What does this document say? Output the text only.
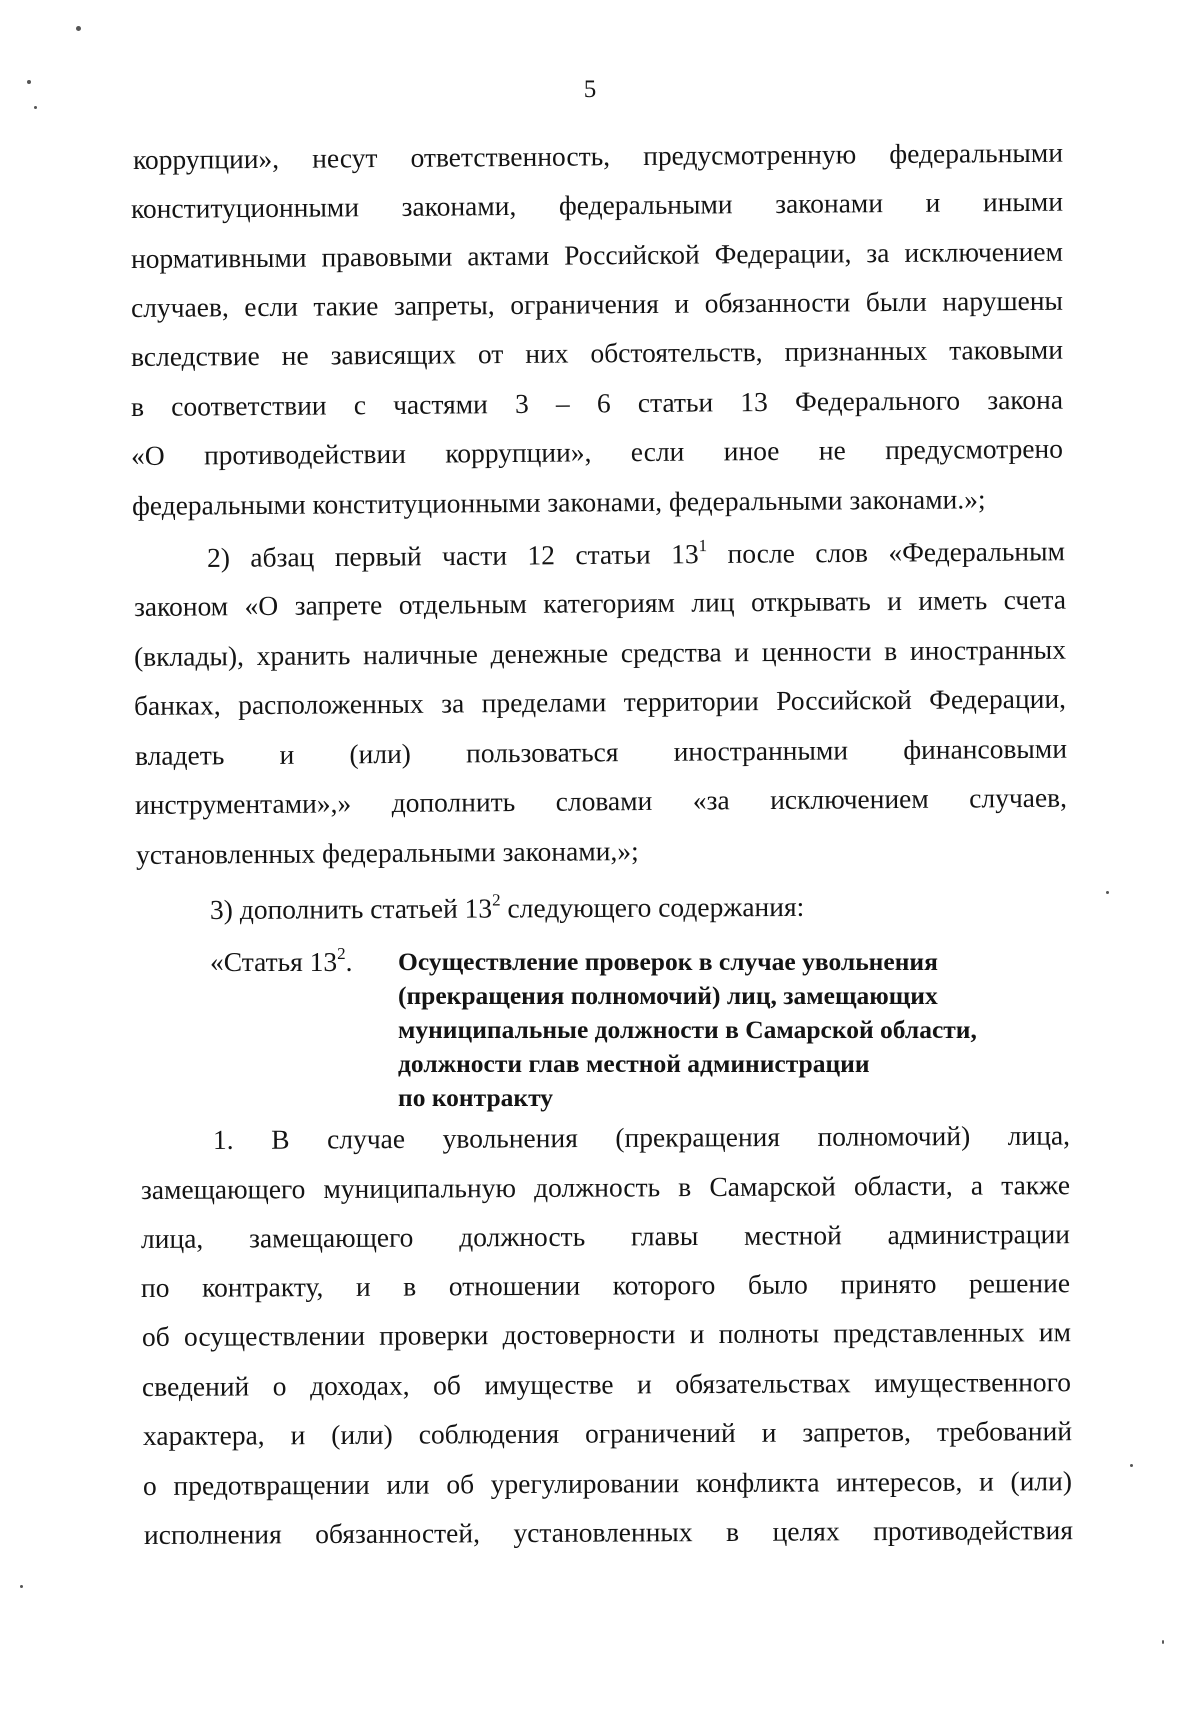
5
коррупции», несут ответственность, предусмотренную федеральными
конституционными законами, федеральными законами и иными
нормативными правовыми актами Российской Федерации, за исключением
случаев, если такие запреты, ограничения и обязанности были нарушены
вследствие не зависящих от них обстоятельств, признанных таковыми
в соответствии с частями 3 – 6 статьи 13 Федерального закона
«О противодействии коррупции», если иное не предусмотрено
федеральными конституционными законами, федеральными законами.»;
2) абзац первый части 12 статьи $13^1$ после слов «Федеральным
законом «О запрете отдельным категориям лиц открывать и иметь счета
(вклады), хранить наличные денежные средства и ценности в иностранных
банках, расположенных за пределами территории Российской Федерации,
владеть и (или) пользоваться иностранными финансовыми
инструментами»,» дополнить словами «за исключением случаев,
установленных федеральными законами,»;
3) дополнить статьей $13^2$ следующего содержания:
«Статья $13^2$. Осуществление проверок в случае увольнения
(прекращения полномочий) лиц, замещающих
муниципальные должности в Самарской области,
должности глав местной администрации
по контракту
1. В случае увольнения (прекращения полномочий) лица,
замещающего муниципальную должность в Самарской области, а также
лица, замещающего должность главы местной администрации
по контракту, и в отношении которого было принято решение
об осуществлении проверки достоверности и полноты представленных им
сведений о доходах, об имуществе и обязательствах имущественного
характера, и (или) соблюдения ограничений и запретов, требований
о предотвращении или об урегулировании конфликта интересов, и (или)
исполнения обязанностей, установленных в целях противодействия
